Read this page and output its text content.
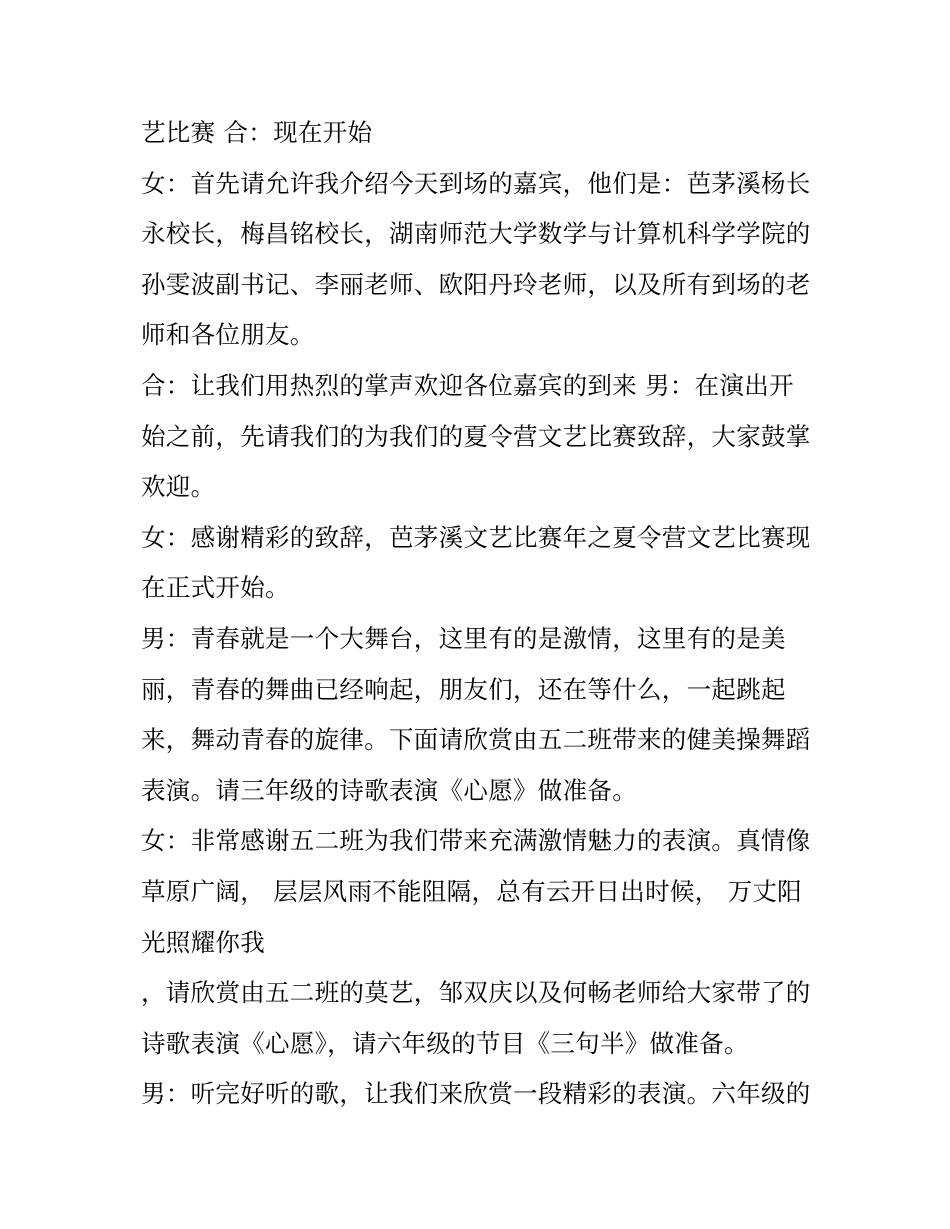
艺比赛 合：现在开始
女：首先请允许我介绍今天到场的嘉宾，他们是：芭茅溪杨长
永校长，梅昌铭校长，湖南师范大学数学与计算机科学学院的
孙雯波副书记、李丽老师、欧阳丹玲老师，以及所有到场的老
师和各位朋友。
合：让我们用热烈的掌声欢迎各位嘉宾的到来 男：在演出开
始之前，先请我们的为我们的夏令营文艺比赛致辞，大家鼓掌
欢迎。
女：感谢精彩的致辞，芭茅溪文艺比赛年之夏令营文艺比赛现
在正式开始。
男：青春就是一个大舞台，这里有的是激情，这里有的是美
丽，青春的舞曲已经响起，朋友们，还在等什么，一起跳起
来，舞动青春的旋律。下面请欣赏由五二班带来的健美操舞蹈
表演。请三年级的诗歌表演《心愿》做准备。
女：非常感谢五二班为我们带来充满激情魅力的表演。真情像
草原广阔， 层层风雨不能阻隔，总有云开日出时候， 万丈阳
光照耀你我
，请欣赏由五二班的莫艺，邹双庆以及何畅老师给大家带了的
诗歌表演《心愿》，请六年级的节目《三句半》做准备。
男：听完好听的歌，让我们来欣赏一段精彩的表演。六年级的
